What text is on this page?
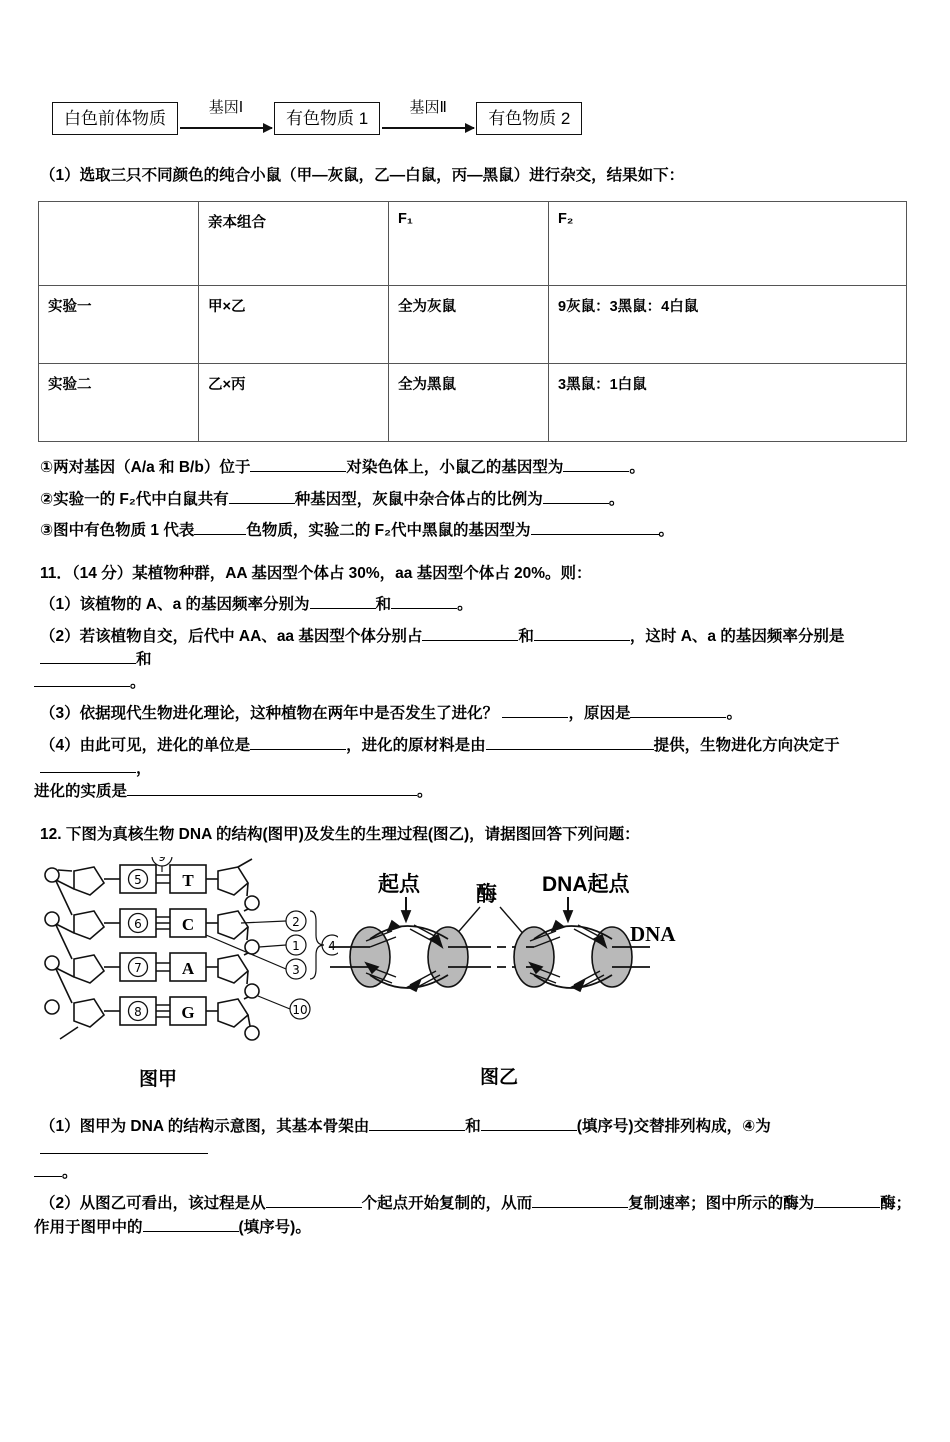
白色前体物质
基因Ⅰ
有色物质 1
基因Ⅱ
有色物质 2
（1）选取三只不同颜色的纯合小鼠（甲—灰鼠，乙—白鼠，丙—黑鼠）进行杂交，结果如下：
	亲本组合	F₁	F₂
实验一	甲×乙	全为灰鼠	9灰鼠：3黑鼠：4白鼠
实验二	乙×丙	全为黑鼠	3黑鼠：1白鼠
①两对基因（A/a 和 B/b）位于	对染色体上，小鼠乙的基因型为	。
②实验一的 F₂代中白鼠共有	种基因型，灰鼠中杂合体占的比例为	。
③图中有色物质 1 代表	色物质，实验二的 F₂代中黑鼠的基因型为	。
11．（14 分）某植物种群，AA 基因型个体占 30%，aa 基因型个体占 20%。则：
（1）该植物的 A、a 的基因频率分别为	和	。
（2）若该植物自交，后代中 AA、aa 基因型个体分别占	和	，这时 A、a 的基因频率分别是和
。
（3）依据现代生物进化理论，这种植物在两年中是否发生了进化？	，原因是	。
（4）由此可见，进化的单位是	，进化的原材料是由	提供，生物进化方向决定于，
进化的实质是	。
12. 下图为真核生物 DNA 的结构(图甲)及发生的生理过程(图乙)，请据图回答下列问题：
5
6
7
8
T
C
A
G
2
1
3
10
4
9
图甲
起点	酶 DNA起点
DNA
图乙
（1）图甲为 DNA 的结构示意图，其基本骨架由	和	(填序号)交替排列构成，④为
。
（2）从图乙可看出，该过程是从	个起点开始复制的，从而	复制速率；图中所示的酶为	酶；
作用于图甲中的	(填序号)。
